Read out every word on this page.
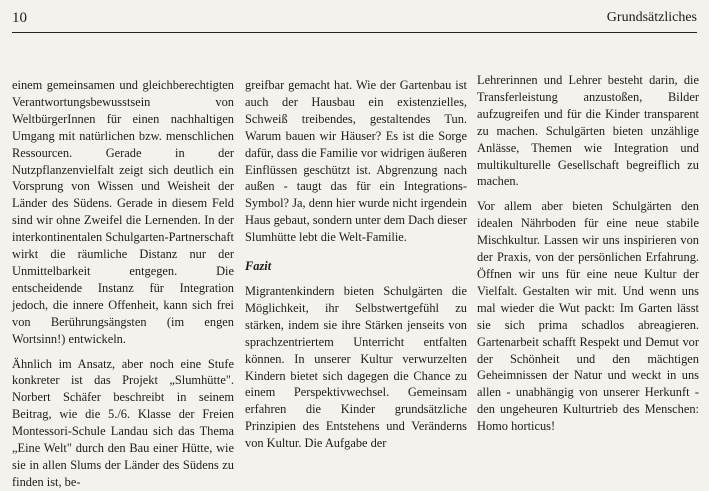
10	Grundsätzliches

einem gemeinsamen und gleichberechtigten Verantwortungsbewusstsein von WeltbürgerInnen für einen nachhaltigen Umgang mit natürlichen bzw. menschlichen Ressourcen. Gerade in der Nutzpflanzenvielfalt zeigt sich deutlich ein Vorsprung von Wissen und Weisheit der Länder des Südens. Gerade in diesem Feld sind wir ohne Zweifel die Lernenden. In der interkontinentalen Schulgarten-Partnerschaft wirkt die räumliche Distanz nur der Unmittelbarkeit entgegen. Die entscheidende Instanz für Integration jedoch, die innere Offenheit, kann sich frei von Berührungsängsten (im engen Wortsinn!) entwickeln.

Ähnlich im Ansatz, aber noch eine Stufe konkreter ist das Projekt „Slumhütte". Norbert Schäfer beschreibt in seinem Beitrag, wie die 5./6. Klasse der Freien Montessori-Schule Landau sich das Thema „Eine Welt" durch den Bau einer Hütte, wie sie in allen Slums der Länder des Südens zu finden ist, be-

greifbar gemacht hat. Wie der Gartenbau ist auch der Hausbau ein existenzielles, Schweiß treibendes, gestaltendes Tun. Warum bauen wir Häuser? Es ist die Sorge dafür, dass die Familie vor widrigen äußeren Einflüssen geschützt ist. Abgrenzung nach außen - taugt das für ein Integrations-Symbol? Ja, denn hier wurde nicht irgendein Haus gebaut, sondern unter dem Dach dieser Slumhütte lebt die Welt-Familie.

Fazit

Migrantenkindern bieten Schulgärten die Möglichkeit, ihr Selbstwertgefühl zu stärken, indem sie ihre Stärken jenseits von sprachzentriertem Unterricht entfalten können. In unserer Kultur verwurzelten Kindern bietet sich dagegen die Chance zu einem Perspektivwechsel. Gemeinsam erfahren die Kinder grundsätzliche Prinzipien des Entstehens und Veränderns von Kultur. Die Aufgabe der

Lehrerinnen und Lehrer besteht darin, die Transferleistung anzustoßen, Bilder aufzugreifen und für die Kinder transparent zu machen. Schulgärten bieten unzählige Anlässe, Themen wie Integration und multikulturelle Gesellschaft begreiflich zu machen.

Vor allem aber bieten Schulgärten den idealen Nährboden für eine neue stabile Mischkultur. Lassen wir uns inspirieren von der Praxis, von der persönlichen Erfahrung. Öffnen wir uns für eine neue Kultur der Vielfalt. Gestalten wir mit. Und wenn uns mal wieder die Wut packt: Im Garten lässt sie sich prima schadlos abreagieren. Gartenarbeit schafft Respekt und Demut vor der Schönheit und den mächtigen Geheimnissen der Natur und weckt in uns allen - unabhängig von unserer Herkunft - den ungeheuren Kulturtrieb des Menschen: Homo horticus!
